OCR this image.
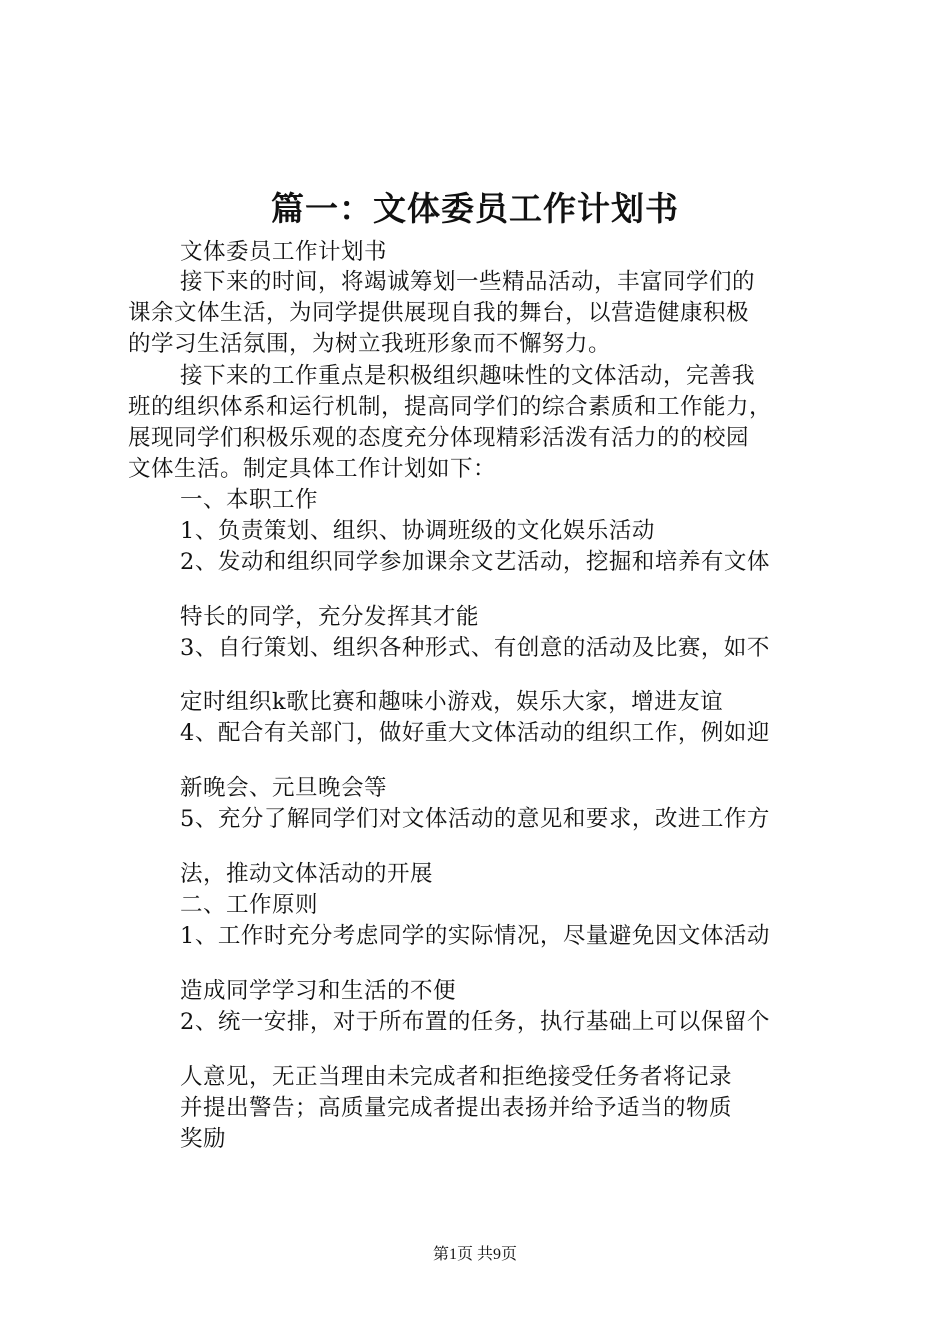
篇一：文体委员工作计划书
文体委员工作计划书
接下来的时间，将竭诚筹划一些精品活动，丰富同学们的
课余文体生活，为同学提供展现自我的舞台，以营造健康积极
的学习生活氛围，为树立我班形象而不懈努力。
接下来的工作重点是积极组织趣味性的文体活动，完善我
班的组织体系和运行机制，提高同学们的综合素质和工作能力，
展现同学们积极乐观的态度充分体现精彩活泼有活力的的校园
文体生活。制定具体工作计划如下：
一、本职工作
1、负责策划、组织、协调班级的文化娱乐活动
2、发动和组织同学参加课余文艺活动，挖掘和培养有文体
特长的同学，充分发挥其才能
3、自行策划、组织各种形式、有创意的活动及比赛，如不
定时组织k歌比赛和趣味小游戏，娱乐大家，增进友谊
4、配合有关部门，做好重大文体活动的组织工作，例如迎
新晚会、元旦晚会等
5、充分了解同学们对文体活动的意见和要求，改进工作方
法，推动文体活动的开展
二、工作原则
1、工作时充分考虑同学的实际情况，尽量避免因文体活动
造成同学学习和生活的不便
2、统一安排，对于所布置的任务，执行基础上可以保留个
人意见，无正当理由未完成者和拒绝接受任务者将记录
并提出警告；高质量完成者提出表扬并给予适当的物质
奖励
第1页 共9页
